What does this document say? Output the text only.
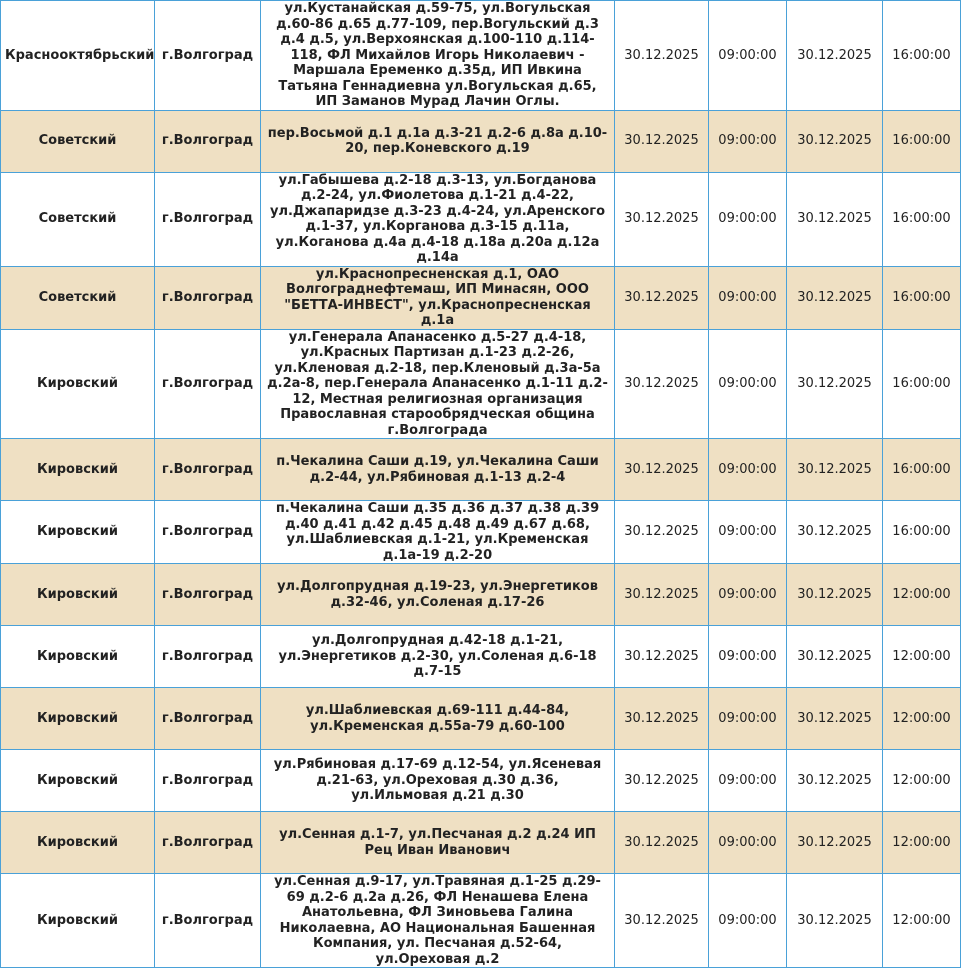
Краснооктябрьский	г.Волгоград	ул.Кустанайская д.59-75, ул.Вогульская д.60-86 д.65 д.77-109, пер.Вогульский д.3 д.4 д.5, ул.Верхоянская д.100-110 д.114-118, ФЛ Михайлов Игорь Николаевич - Маршала Еременко д.35д, ИП Ивкина Татьяна Геннадиевна ул.Вогульская д.65, ИП Заманов Мурад Лачин Оглы.	30.12.2025	09:00:00	30.12.2025	16:00:00
Советский	г.Волгоград	пер.Восьмой д.1 д.1а д.3-21 д.2-6 д.8а д.10-20, пер.Коневского д.19	30.12.2025	09:00:00	30.12.2025	16:00:00
Советский	г.Волгоград	ул.Габышева д.2-18 д.3-13, ул.Богданова д.2-24, ул.Фиолетова д.1-21 д.4-22, ул.Джапаридзе д.3-23 д.4-24, ул.Аренского д.1-37, ул.Корганова д.3-15 д.11а, ул.Коганова д.4а д.4-18 д.18а д.20а д.12а д.14а	30.12.2025	09:00:00	30.12.2025	16:00:00
Советский	г.Волгоград	ул.Краснопресненская д.1, ОАО Волгограднефтемаш, ИП Минасян, ООО "БЕТТА-ИНВЕСТ", ул.Краснопресненская д.1а	30.12.2025	09:00:00	30.12.2025	16:00:00
Кировский	г.Волгоград	ул.Генерала Апанасенко д.5-27 д.4-18, ул.Красных Партизан д.1-23 д.2-26, ул.Кленовая д.2-18, пер.Кленовый д.3а-5а д.2а-8, пер.Генерала Апанасенко д.1-11 д.2-12, Местная религиозная организация Православная старообрядческая община г.Волгограда	30.12.2025	09:00:00	30.12.2025	16:00:00
Кировский	г.Волгоград	п.Чекалина Саши д.19, ул.Чекалина Саши д.2-44, ул.Рябиновая д.1-13 д.2-4	30.12.2025	09:00:00	30.12.2025	16:00:00
Кировский	г.Волгоград	п.Чекалина Саши д.35 д.36 д.37 д.38 д.39 д.40 д.41 д.42 д.45 д.48 д.49 д.67 д.68, ул.Шаблиевская д.1-21, ул.Кременская д.1а-19 д.2-20	30.12.2025	09:00:00	30.12.2025	16:00:00
Кировский	г.Волгоград	ул.Долгопрудная д.19-23, ул.Энергетиков д.32-46, ул.Соленая д.17-26	30.12.2025	09:00:00	30.12.2025	12:00:00
Кировский	г.Волгоград	ул.Долгопрудная д.42-18 д.1-21, ул.Энергетиков д.2-30, ул.Соленая д.6-18 д.7-15	30.12.2025	09:00:00	30.12.2025	12:00:00
Кировский	г.Волгоград	ул.Шаблиевская д.69-111 д.44-84, ул.Кременская д.55а-79 д.60-100	30.12.2025	09:00:00	30.12.2025	12:00:00
Кировский	г.Волгоград	ул.Рябиновая д.17-69 д.12-54, ул.Ясеневая д.21-63, ул.Ореховая д.30 д.36, ул.Ильмовая д.21 д.30	30.12.2025	09:00:00	30.12.2025	12:00:00
Кировский	г.Волгоград	ул.Сенная д.1-7, ул.Песчаная д.2 д.24 ИП Рец Иван Иванович	30.12.2025	09:00:00	30.12.2025	12:00:00
Кировский	г.Волгоград	ул.Сенная д.9-17, ул.Травяная д.1-25 д.29-69 д.2-6 д.2а д.26, ФЛ Ненашева Елена Анатольевна, ФЛ Зиновьева Галина Николаевна, АО Национальная Башенная Компания, ул. Песчаная д.52-64, ул.Ореховая д.2	30.12.2025	09:00:00	30.12.2025	12:00:00
